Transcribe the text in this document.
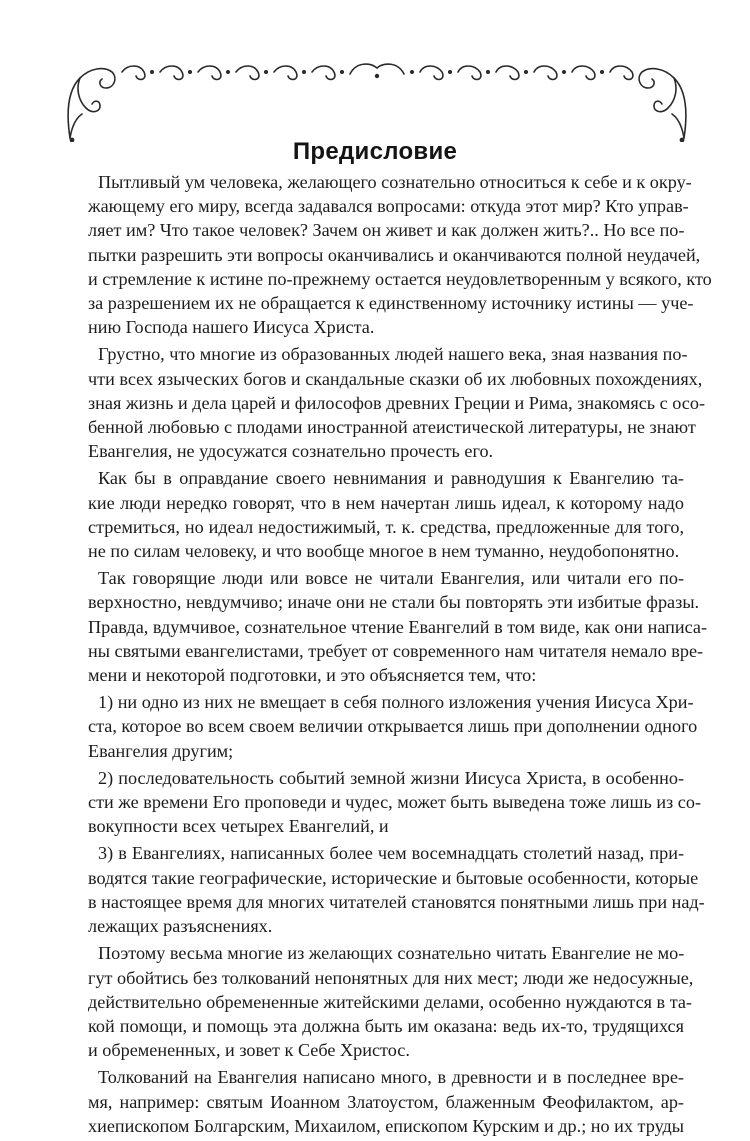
Предисловие

Пытливый ум человека, желающего сознательно относиться к себе и к окру-
жающему его миру, всегда задавался вопросами: откуда этот мир? Кто управ-
ляет им? Что такое человек? Зачем он живет и как должен жить?.. Но все по-
пытки разрешить эти вопросы оканчивались и оканчиваются полной неудачей,
и стремление к истине по-прежнему остается неудовлетворенным у всякого, кто
за разрешением их не обращается к единственному источнику истины — уче-
нию Господа нашего Иисуса Христа.

Грустно, что многие из образованных людей нашего века, зная названия по-
чти всех языческих богов и скандальные сказки об их любовных похождениях,
зная жизнь и дела царей и философов древних Греции и Рима, знакомясь с осо-
бенной любовью с плодами иностранной атеистической литературы, не знают
Евангелия, не удосужатся сознательно прочесть его.

Как бы в оправдание своего невнимания и равнодушия к Евангелию та-
кие люди нередко говорят, что в нем начертан лишь идеал, к которому надо
стремиться, но идеал недостижимый, т. к. средства, предложенные для того,
не по силам человеку, и что вообще многое в нем туманно, неудобопонятно.

Так говорящие люди или вовсе не читали Евангелия, или читали его по-
верхностно, невдумчиво; иначе они не стали бы повторять эти избитые фразы.
Правда, вдумчивое, сознательное чтение Евангелий в том виде, как они написа-
ны святыми евангелистами, требует от современного нам читателя немало вре-
мени и некоторой подготовки, и это объясняется тем, что:

1) ни одно из них не вмещает в себя полного изложения учения Иисуса Хри-
ста, которое во всем своем величии открывается лишь при дополнении одного
Евангелия другим;

2) последовательность событий земной жизни Иисуса Христа, в особенно-
сти же времени Его проповеди и чудес, может быть выведена тоже лишь из со-
вокупности всех четырех Евангелий, и

3) в Евангелиях, написанных более чем восемнадцать столетий назад, при-
водятся такие географические, исторические и бытовые особенности, которые
в настоящее время для многих читателей становятся понятными лишь при над-
лежащих разъяснениях.

Поэтому весьма многие из желающих сознательно читать Евангелие не мо-
гут обойтись без толкований непонятных для них мест; люди же недосужные,
действительно обремененные житейскими делами, особенно нуждаются в та-
кой помощи, и помощь эта должна быть им оказана: ведь их-то, трудящихся
и обремененных, и зовет к Себе Христос.

Толкований на Евангелия написано много, в древности и в последнее вре-
мя, например: святым Иоанном Златоустом, блаженным Феофилактом, ар-
хиепископом Болгарским, Михаилом, епископом Курским и др.; но их труды
